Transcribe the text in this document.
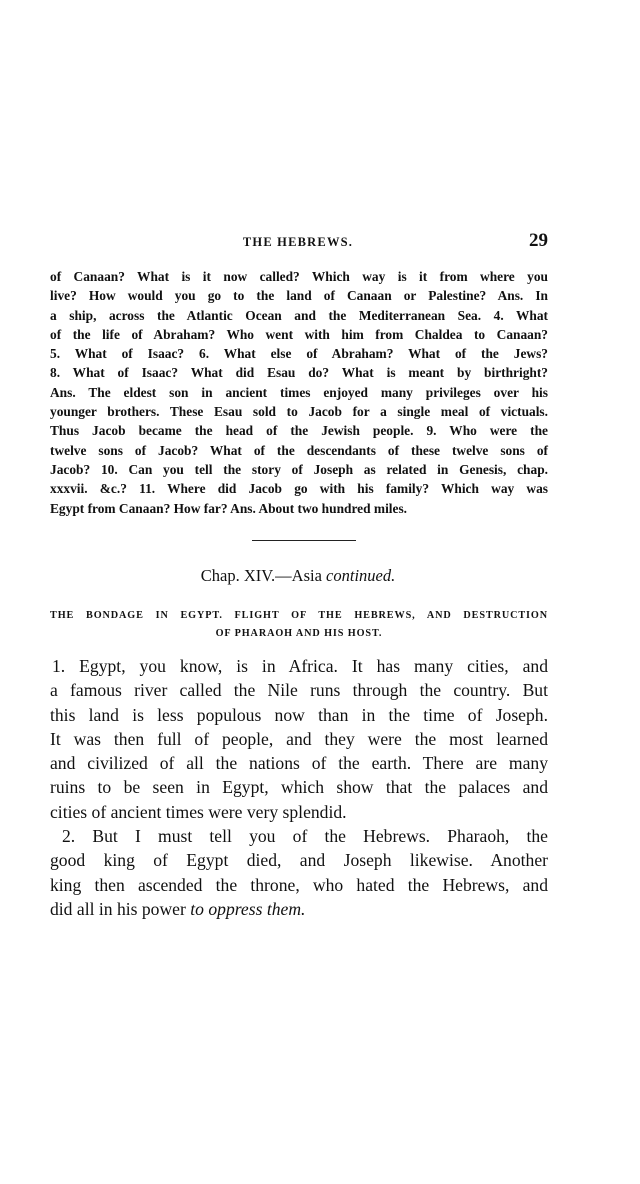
THE HEBREWS.	29
of Canaan? What is it now called? Which way is it from where you
live? How would you go to the land of Canaan or Palestine? Ans. In
a ship, across the Atlantic Ocean and the Mediterranean Sea. 4. What
of the life of Abraham? Who went with him from Chaldea to Canaan?
5. What of Isaac? 6. What else of Abraham? What of the Jews?
8. What of Isaac? What did Esau do? What is meant by birthright?
Ans. The eldest son in ancient times enjoyed many privileges over his
younger brothers. These Esau sold to Jacob for a single meal of victuals.
Thus Jacob became the head of the Jewish people. 9. Who were the
twelve sons of Jacob? What of the descendants of these twelve sons of
Jacob? 10. Can you tell the story of Joseph as related in Genesis, chap.
xxxvii. &c.? 11. Where did Jacob go with his family? Which way was
Egypt from Canaan? How far? Ans. About two hundred miles.
Chap. XIV.—Asia continued.
THE BONDAGE IN EGYPT. FLIGHT OF THE HEBREWS, AND DESTRUCTION
OF PHARAOH AND HIS HOST.
1. Egypt, you know, is in Africa. It has many cities, and
a famous river called the Nile runs through the country. But
this land is less populous now than in the time of Joseph.
It was then full of people, and they were the most learned
and civilized of all the nations of the earth. There are many
ruins to be seen in Egypt, which show that the palaces and
cities of ancient times were very splendid.
2. But I must tell you of the Hebrews. Pharaoh, the
good king of Egypt died, and Joseph likewise. Another
king then ascended the throne, who hated the Hebrews, and
did all in his power to oppress them.
